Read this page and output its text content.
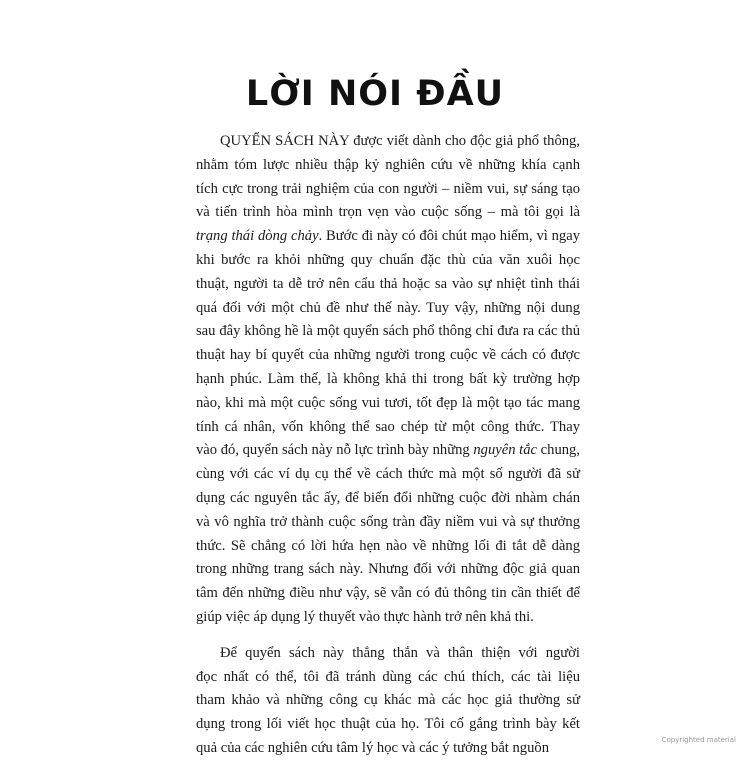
LỜI NÓI ĐẦU
QUYỂN SÁCH NÀY được viết dành cho độc giả phổ thông,
nhằm tóm lược nhiều thập kỷ nghiên cứu về những khía cạnh
tích cực trong trải nghiệm của con người – niềm vui, sự sáng tạo
và tiến trình hòa mình trọn vẹn vào cuộc sống – mà tôi gọi là
trạng thái dòng chảy. Bước đi này có đôi chút mạo hiểm, vì ngay
khi bước ra khỏi những quy chuẩn đặc thù của văn xuôi học
thuật, người ta dễ trở nên cẩu thả hoặc sa vào sự nhiệt tình thái
quá đối với một chủ đề như thế này. Tuy vậy, những nội dung
sau đây không hề là một quyển sách phổ thông chỉ đưa ra các thủ
thuật hay bí quyết của những người trong cuộc về cách có được
hạnh phúc. Làm thế, là không khả thi trong bất kỳ trường hợp
nào, khi mà một cuộc sống vui tươi, tốt đẹp là một tạo tác mang
tính cá nhân, vốn không thể sao chép từ một công thức. Thay
vào đó, quyển sách này nỗ lực trình bày những nguyên tắc chung,
cùng với các ví dụ cụ thể về cách thức mà một số người đã sử
dụng các nguyên tắc ấy, để biến đổi những cuộc đời nhàm chán
và vô nghĩa trở thành cuộc sống tràn đầy niềm vui và sự thưởng
thức. Sẽ chẳng có lời hứa hẹn nào về những lối đi tắt dễ dàng
trong những trang sách này. Nhưng đối với những độc giả quan
tâm đến những điều như vậy, sẽ vẫn có đủ thông tin cần thiết để
giúp việc áp dụng lý thuyết vào thực hành trở nên khả thi.
Để quyển sách này thẳng thắn và thân thiện với người
đọc nhất có thể, tôi đã tránh dùng các chú thích, các tài liệu
tham khảo và những công cụ khác mà các học giả thường sử
dụng trong lối viết học thuật của họ. Tôi cố gắng trình bày kết
quả của các nghiên cứu tâm lý học và các ý tưởng bắt nguồn	Copyrighted material
